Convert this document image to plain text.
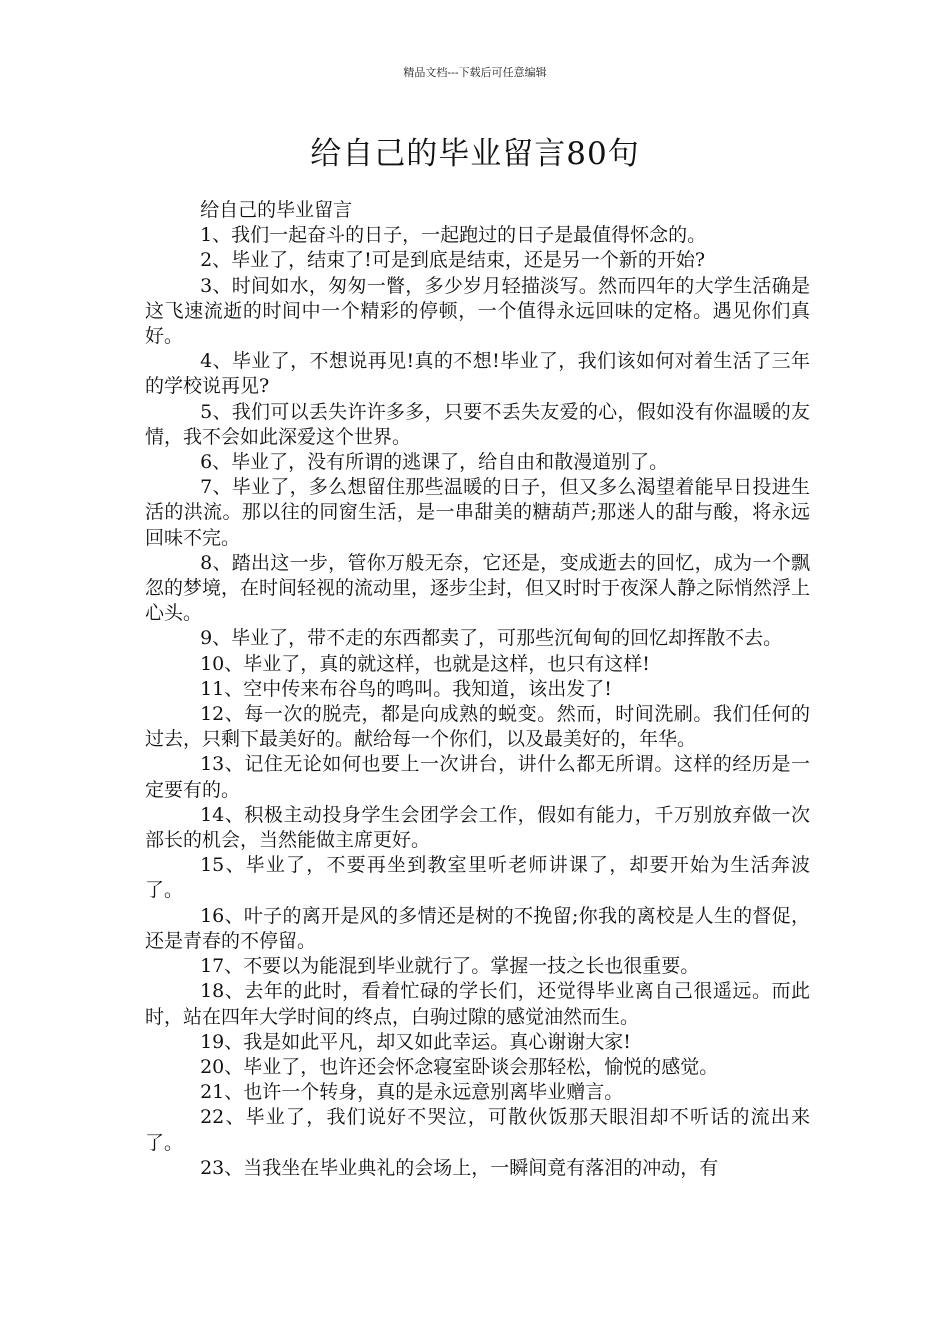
精品文档---下载后可任意编辑
给自己的毕业留言80句

给自己的毕业留言

1、我们一起奋斗的日子，一起跑过的日子是最值得怀念的。

2、毕业了，结束了!可是到底是结束，还是另一个新的开始?

3、时间如水，匆匆一瞥，多少岁月轻描淡写。然而四年的大学生活确是这飞速流逝的时间中一个精彩的停顿，一个值得永远回味的定格。遇见你们真好。

4、毕业了，不想说再见!真的不想!毕业了，我们该如何对着生活了三年的学校说再见?

5、我们可以丢失许许多多，只要不丢失友爱的心，假如没有你温暖的友情，我不会如此深爱这个世界。

6、毕业了，没有所谓的逃课了，给自由和散漫道别了。

7、毕业了，多么想留住那些温暖的日子，但又多么渴望着能早日投进生活的洪流。那以往的同窗生活，是一串甜美的糖葫芦;那迷人的甜与酸，将永远回味不完。

8、踏出这一步，管你万般无奈，它还是，变成逝去的回忆，成为一个飘忽的梦境，在时间轻视的流动里，逐步尘封，但又时时于夜深人静之际悄然浮上心头。

9、毕业了，带不走的东西都卖了，可那些沉甸甸的回忆却挥散不去。

10、毕业了，真的就这样，也就是这样，也只有这样!

11、空中传来布谷鸟的鸣叫。我知道，该出发了!

12、每一次的脱壳，都是向成熟的蜕变。然而，时间洗刷。我们任何的过去，只剩下最美好的。献给每一个你们，以及最美好的，年华。

13、记住无论如何也要上一次讲台，讲什么都无所谓。这样的经历是一定要有的。

14、积极主动投身学生会团学会工作，假如有能力，千万别放弃做一次部长的机会，当然能做主席更好。

15、毕业了，不要再坐到教室里听老师讲课了，却要开始为生活奔波了。

16、叶子的离开是风的多情还是树的不挽留;你我的离校是人生的督促，还是青春的不停留。

17、不要以为能混到毕业就行了。掌握一技之长也很重要。

18、去年的此时，看着忙碌的学长们，还觉得毕业离自己很遥远。而此时，站在四年大学时间的终点，白驹过隙的感觉油然而生。

19、我是如此平凡，却又如此幸运。真心谢谢大家!

20、毕业了，也许还会怀念寝室卧谈会那轻松，愉悦的感觉。

21、也许一个转身，真的是永远意别离毕业赠言。

22、毕业了，我们说好不哭泣，可散伙饭那天眼泪却不听话的流出来了。

23、当我坐在毕业典礼的会场上，一瞬间竟有落泪的冲动，有
